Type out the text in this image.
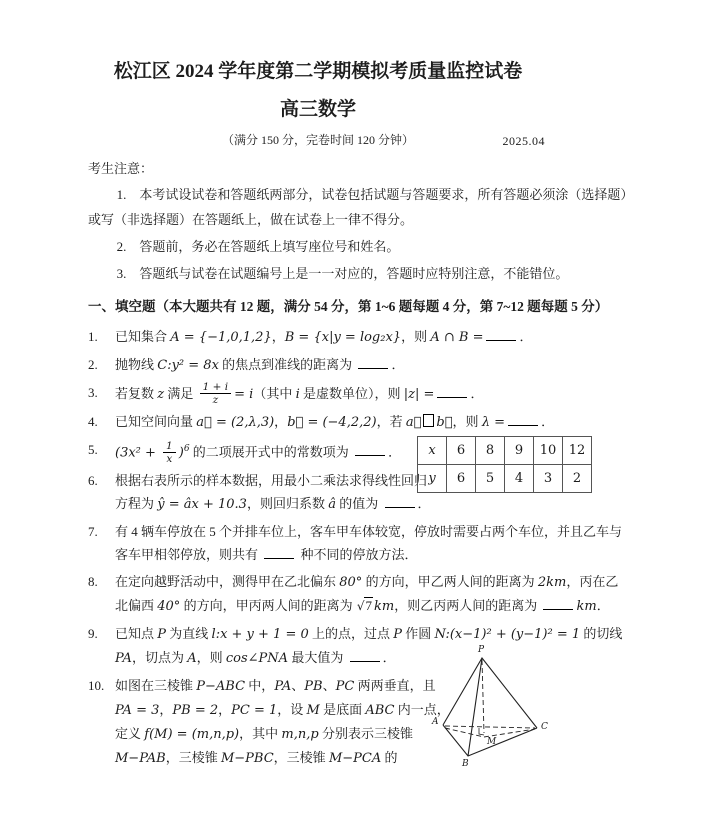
松江区 2024 学年度第二学期模拟考质量监控试卷
高三数学
（满分 150 分，完卷时间 120 分钟）	2025.04

考生注意：

1.　本考试设试卷和答题纸两部分，试卷包括试题与答题要求，所有答题必须涂（选择题）或写（非选择题）在答题纸上，做在试卷上一律不得分。

2.　答题前，务必在答题纸上填写座位号和姓名。

3.　答题纸与试卷在试题编号上是一一对应的，答题时应特别注意，不能错位。

一、填空题（本大题共有 12 题，满分 54 分，第 1~6 题每题 4 分，第 7~12 题每题 5 分）

1.	已知集合 A = {−1,0,1,2}，B = {x|y = log₂x}，则 A ∩ B =	．
2.	抛物线 C:y² = 8x 的焦点到准线的距离为	．
3.	若复数 z 满足 $\frac{1 + i}{z} = i$（其中 i 是虚数单位），则 |z| =	．
4.	已知空间向量 a⃗ = (2,λ,3)，b⃗ = (−4,2,2)，若 a⃗ b⃗，则 λ =	．
5.	$(3x^2 + \frac{1}{x} )^6$ 的二项展开式中的常数项为	．
6.	根据右表所示的样本数据，用最小二乘法求得线性回归方程为 ŷ = âx + 10.3，则回归系数 â 的值为	．
x	6	8	9	10	12
y	6	5	4	3	2
7.	有 4 辆车停放在 5 个并排车位上，客车甲车体较宽，停放时需要占两个车位，并且乙车与客车甲相邻停放，则共有	种不同的停放方法．
8.	在定向越野活动中，测得甲在乙北偏东 80° 的方向，甲乙两人间的距离为 2km，丙在乙北偏西 40° 的方向，甲丙两人间的距离为 √7 km，则乙丙两人间的距离为	km．
9.	已知点 P 为直线 l:x + y + 1 = 0 上的点，过点 P 作圆 N:(x−1)² + (y−1)² = 1 的切线 PA，切点为 A，则 cos∠PNA 最大值为	．
10. 如图在三棱锥 P−ABC 中，PA、PB、PC 两两垂直，且 PA = 3，PB = 2，PC = 1，设 M 是底面 ABC 内一点，定义 f(M) = (m,n,p)，其中 m,n,p 分别表示三棱锥 M−PAB，三棱锥 M−PBC，三棱锥 M−PCA 的
P
A
B
C
M
